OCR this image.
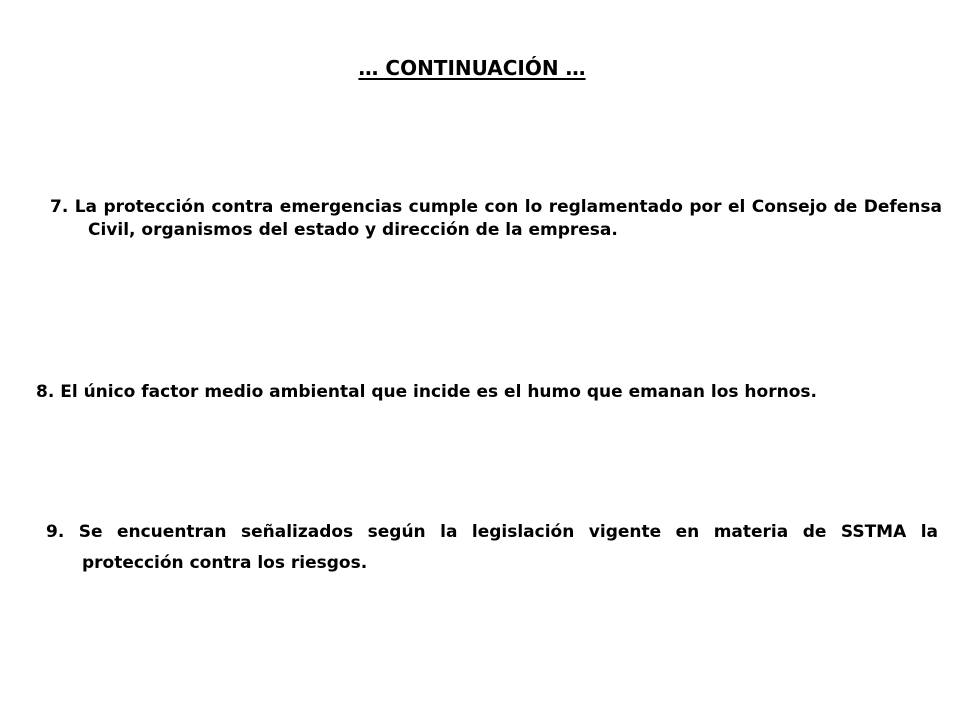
… CONTINUACIÓN …
7. La protección contra emergencias cumple con lo reglamentado por el Consejo de Defensa Civil, organismos del estado y dirección de la empresa.
8. El único factor medio ambiental que incide es el humo que emanan los hornos.
9. Se encuentran señalizados según la legislación vigente en materia de SSTMA la protección contra los riesgos.
